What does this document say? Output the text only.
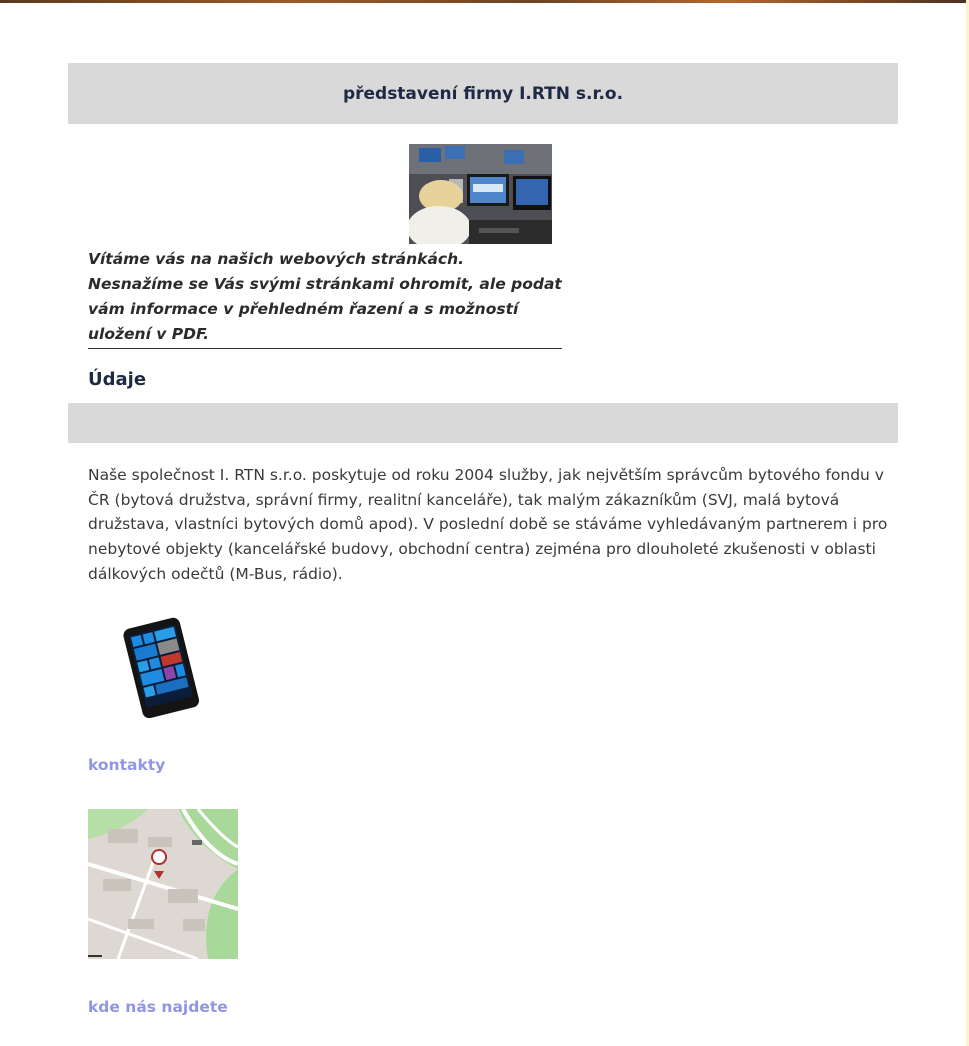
představení firmy I.RTN s.r.o.
Vítáme vás na našich webových stránkách. Nesnažíme se Vás svými stránkami ohromit, ale podat vám informace v přehledném řazení a s možností uložení v PDF.
Údaje
Naše společnost I. RTN s.r.o. poskytuje od roku 2004 služby, jak největším správcům bytového fondu v ČR (bytová družstva, správní firmy, realitní kanceláře), tak malým zákazníkům (SVJ, malá bytová družstava, vlastníci bytových domů apod). V poslední době se stáváme vyhledávaným partnerem i pro nebytové objekty (kancelářské budovy, obchodní centra) zejména pro dlouholeté zkušenosti v oblasti dálkových odečtů (M-Bus, rádio).
kontakty
kde nás najdete
